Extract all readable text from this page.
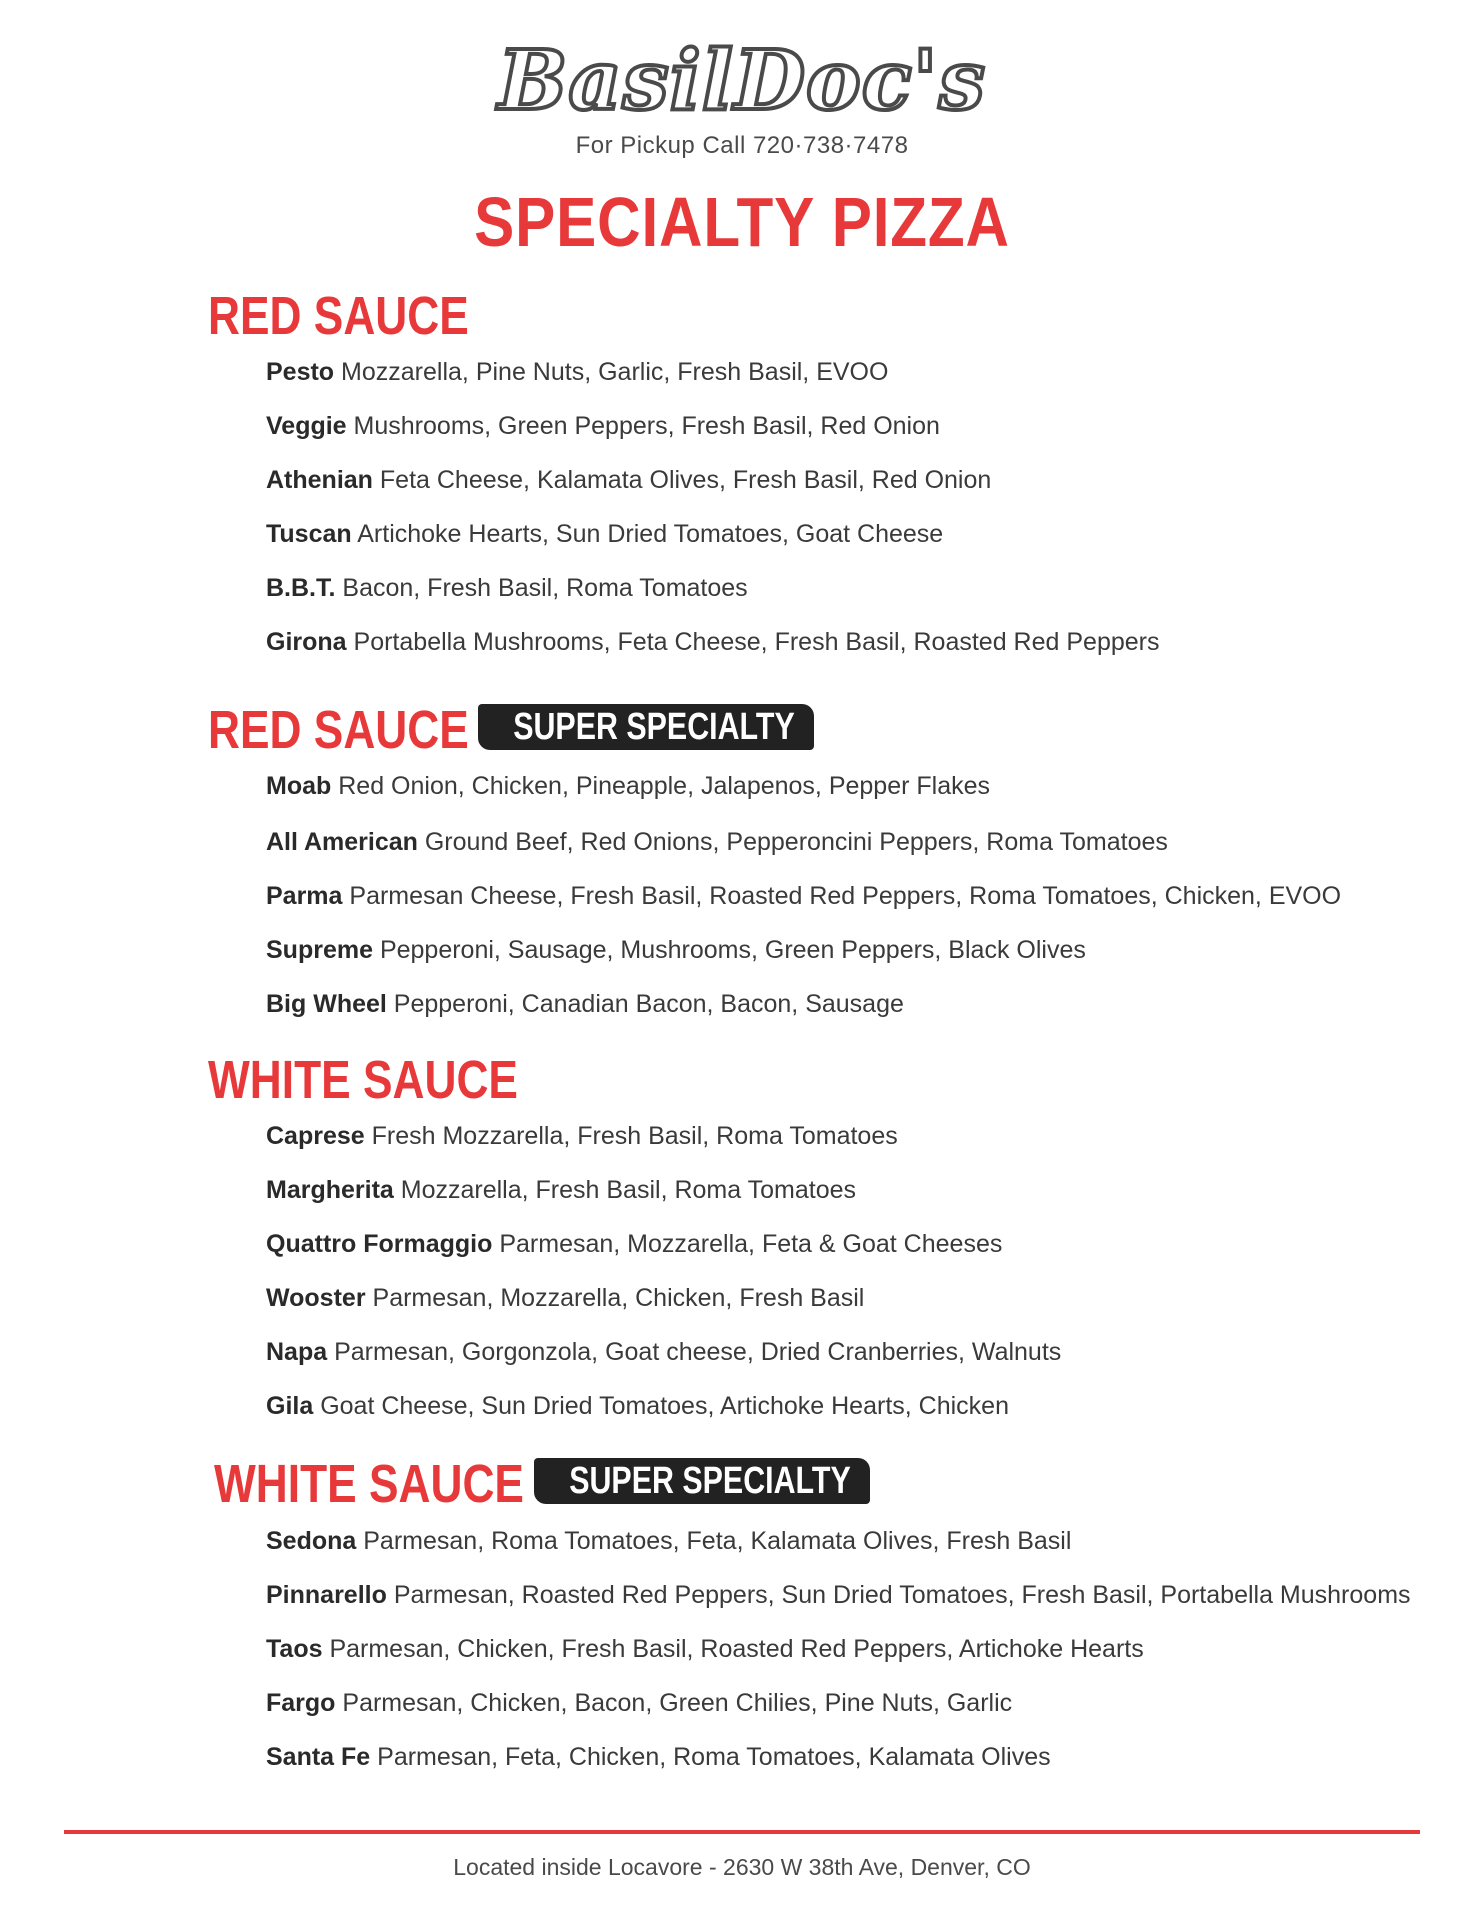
BasilDoc's
For Pickup Call 720·738·7478
SPECIALTY PIZZA
RED SAUCE
Pesto Mozzarella, Pine Nuts, Garlic, Fresh Basil, EVOO
Veggie Mushrooms, Green Peppers, Fresh Basil, Red Onion
Athenian Feta Cheese, Kalamata Olives, Fresh Basil, Red Onion
Tuscan Artichoke Hearts, Sun Dried Tomatoes, Goat Cheese
B.B.T. Bacon, Fresh Basil, Roma Tomatoes
Girona Portabella Mushrooms, Feta Cheese, Fresh Basil, Roasted Red Peppers
RED SAUCE	SUPER SPECIALTY
Moab Red Onion, Chicken, Pineapple, Jalapenos, Pepper Flakes
All American Ground Beef, Red Onions, Pepperoncini Peppers, Roma Tomatoes
Parma Parmesan Cheese, Fresh Basil, Roasted Red Peppers, Roma Tomatoes, Chicken, EVOO
Supreme Pepperoni, Sausage, Mushrooms, Green Peppers, Black Olives
Big Wheel Pepperoni, Canadian Bacon, Bacon, Sausage
WHITE SAUCE
Caprese Fresh Mozzarella, Fresh Basil, Roma Tomatoes
Margherita Mozzarella, Fresh Basil, Roma Tomatoes
Quattro Formaggio Parmesan, Mozzarella, Feta & Goat Cheeses
Wooster Parmesan, Mozzarella, Chicken, Fresh Basil
Napa Parmesan, Gorgonzola, Goat cheese, Dried Cranberries, Walnuts
Gila Goat Cheese, Sun Dried Tomatoes, Artichoke Hearts, Chicken
WHITE SAUCE	SUPER SPECIALTY
Sedona Parmesan, Roma Tomatoes, Feta, Kalamata Olives, Fresh Basil
Pinnarello Parmesan, Roasted Red Peppers, Sun Dried Tomatoes, Fresh Basil, Portabella Mushrooms
Taos Parmesan, Chicken, Fresh Basil, Roasted Red Peppers, Artichoke Hearts
Fargo Parmesan, Chicken, Bacon, Green Chilies, Pine Nuts, Garlic
Santa Fe Parmesan, Feta, Chicken, Roma Tomatoes, Kalamata Olives
Located inside Locavore - 2630 W 38th Ave, Denver, CO
